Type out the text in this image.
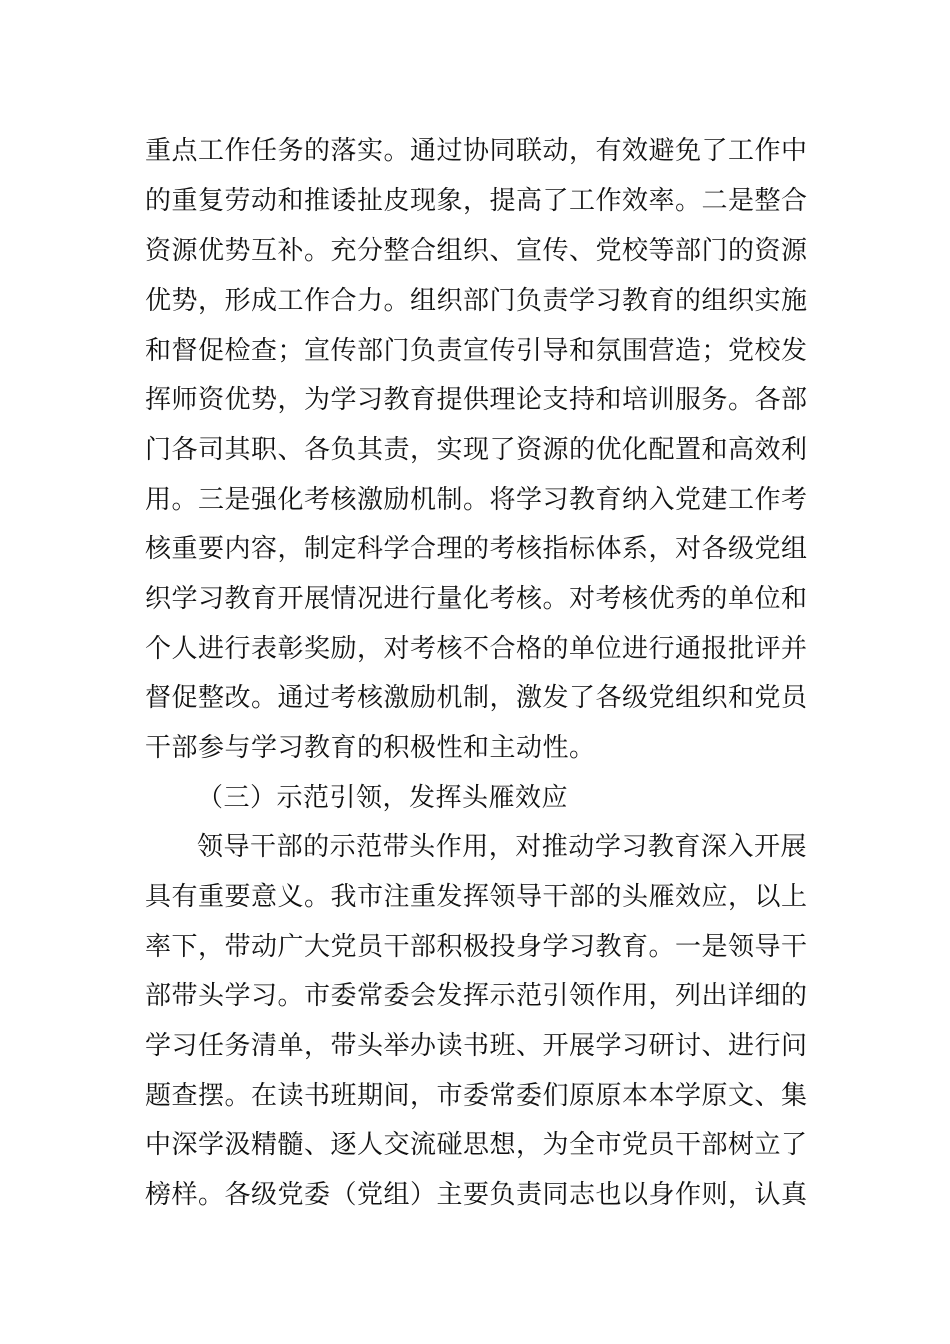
重点工作任务的落实。通过协同联动，有效避免了工作中
的重复劳动和推诿扯皮现象，提高了工作效率。二是整合
资源优势互补。充分整合组织、宣传、党校等部门的资源
优势，形成工作合力。组织部门负责学习教育的组织实施
和督促检查；宣传部门负责宣传引导和氛围营造；党校发
挥师资优势，为学习教育提供理论支持和培训服务。各部
门各司其职、各负其责，实现了资源的优化配置和高效利
用。三是强化考核激励机制。将学习教育纳入党建工作考
核重要内容，制定科学合理的考核指标体系，对各级党组
织学习教育开展情况进行量化考核。对考核优秀的单位和
个人进行表彰奖励，对考核不合格的单位进行通报批评并
督促整改。通过考核激励机制，激发了各级党组织和党员
干部参与学习教育的积极性和主动性。
（三）示范引领，发挥头雁效应
领导干部的示范带头作用，对推动学习教育深入开展
具有重要意义。我市注重发挥领导干部的头雁效应，以上
率下，带动广大党员干部积极投身学习教育。一是领导干
部带头学习。市委常委会发挥示范引领作用，列出详细的
学习任务清单，带头举办读书班、开展学习研讨、进行问
题查摆。在读书班期间，市委常委们原原本本学原文、集
中深学汲精髓、逐人交流碰思想，为全市党员干部树立了
榜样。各级党委（党组）主要负责同志也以身作则，认真
